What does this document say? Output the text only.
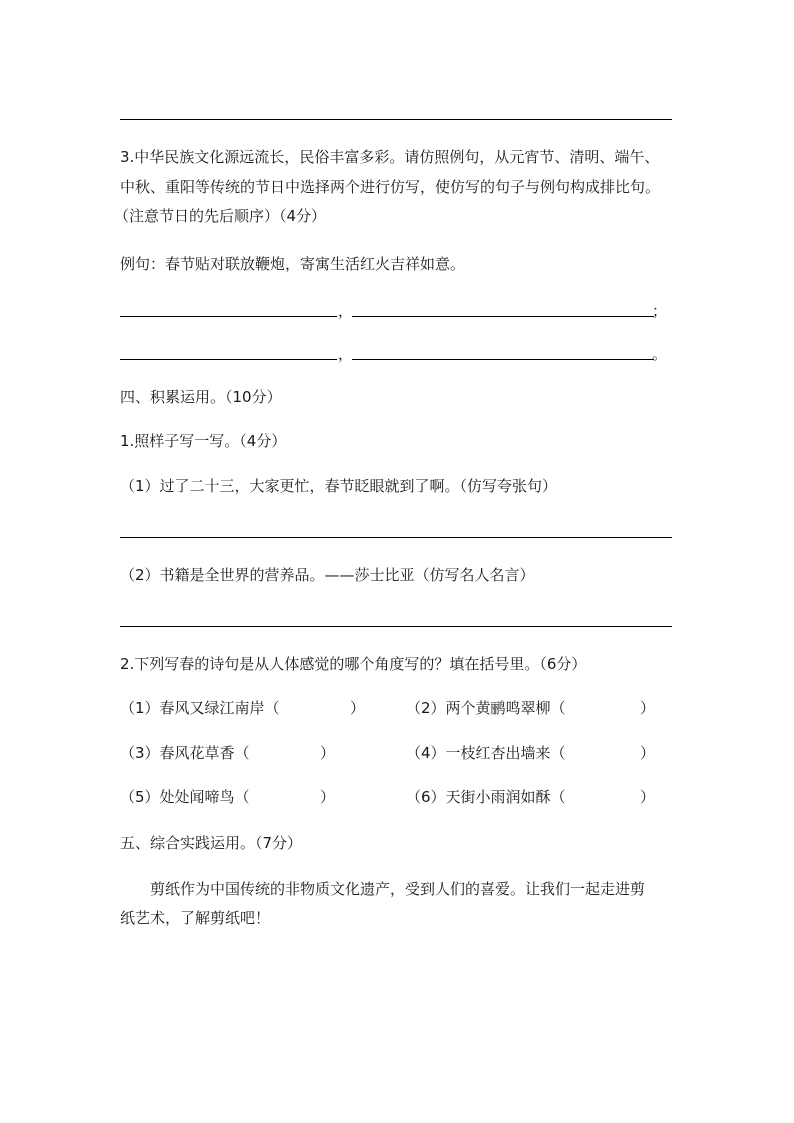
3.中华民族文化源远流长，民俗丰富多彩。请仿照例句，从元宵节、清明、端午、
中秋、重阳等传统的节日中选择两个进行仿写，使仿写的句子与例句构成排比句。
（注意节日的先后顺序）（4分）
例句：春节贴对联放鞭炮，寄寓生活红火吉祥如意。
，	；
，	。
四、积累运用。（10分）
1.照样子写一写。（4分）
（1）过了二十三，大家更忙，春节眨眼就到了啊。（仿写夸张句）
（2）书籍是全世界的营养品。——莎士比亚（仿写名人名言）
2.下列写春的诗句是从人体感觉的哪个角度写的？填在括号里。（6分）
（1）春风又绿江南岸（	）	（2）两个黄鹂鸣翠柳（	）
（3）春风花草香（	）	（4）一枝红杏出墙来（	）
（5）处处闻啼鸟（	）	（6）天街小雨润如酥（	）
五、综合实践运用。（7分）
剪纸作为中国传统的非物质文化遗产，受到人们的喜爱。让我们一起走进剪
纸艺术，了解剪纸吧！
